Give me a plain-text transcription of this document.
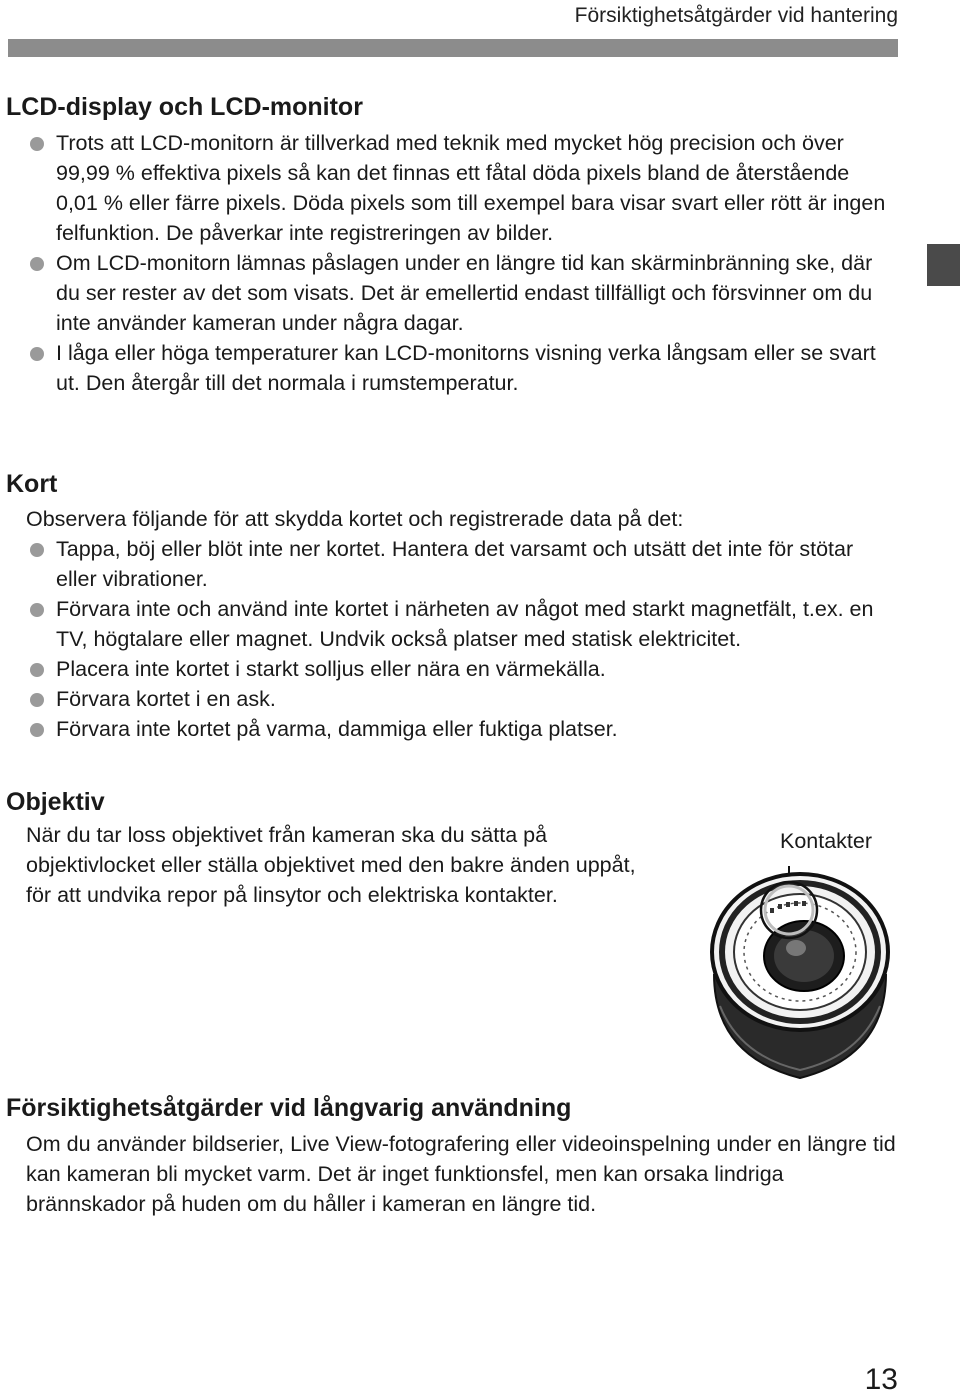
Försiktighetsåtgärder vid hantering
LCD-display och LCD-monitor
Trots att LCD-monitorn är tillverkad med teknik med mycket hög precision och över 99,99 % effektiva pixels så kan det finnas ett fåtal döda pixels bland de återstående 0,01 % eller färre pixels. Döda pixels som till exempel bara visar svart eller rött är ingen felfunktion. De påverkar inte registreringen av bilder.
Om LCD-monitorn lämnas påslagen under en längre tid kan skärminbränning ske, där du ser rester av det som visats. Det är emellertid endast tillfälligt och försvinner om du inte använder kameran under några dagar.
I låga eller höga temperaturer kan LCD-monitorns visning verka långsam eller se svart ut. Den återgår till det normala i rumstemperatur.
Kort
Observera följande för att skydda kortet och registrerade data på det:
Tappa, böj eller blöt inte ner kortet. Hantera det varsamt och utsätt det inte för stötar eller vibrationer.
Förvara inte och använd inte kortet i närheten av något med starkt magnetfält, t.ex. en TV, högtalare eller magnet. Undvik också platser med statisk elektricitet.
Placera inte kortet i starkt solljus eller nära en värmekälla.
Förvara kortet i en ask.
Förvara inte kortet på varma, dammiga eller fuktiga platser.
Objektiv
När du tar loss objektivet från kameran ska du sätta på objektivlocket eller ställa objektivet med den bakre änden uppåt, för att undvika repor på linsytor och elektriska kontakter.
Kontakter
Försiktighetsåtgärder vid långvarig användning
Om du använder bildserier, Live View-fotografering eller videoinspelning under en längre tid kan kameran bli mycket varm. Det är inget funktionsfel, men kan orsaka lindriga brännskador på huden om du håller i kameran en längre tid.
13
